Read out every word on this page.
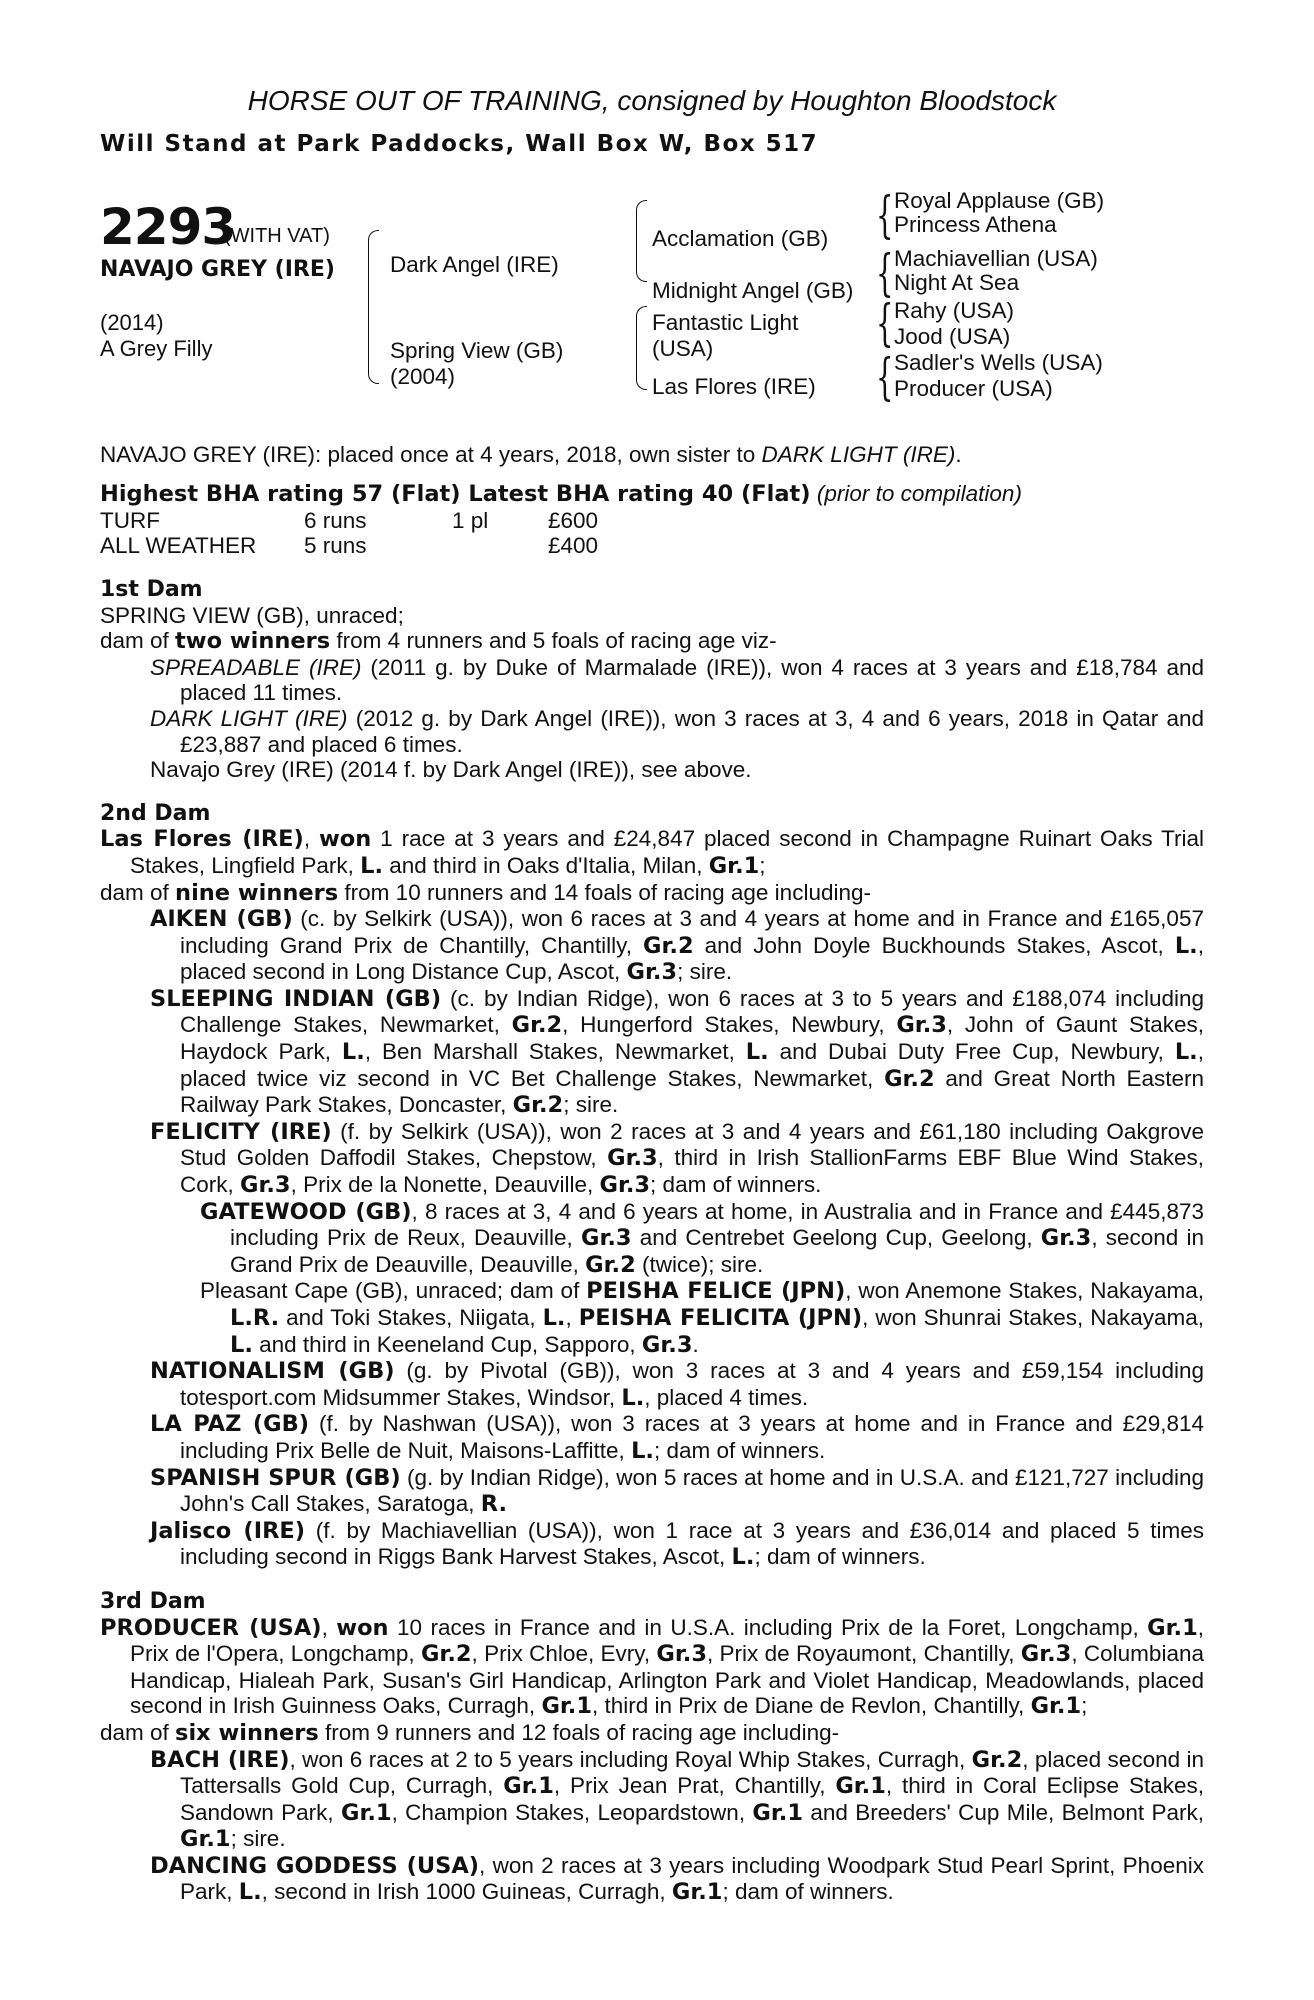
HORSE OUT OF TRAINING, consigned by Houghton Bloodstock

Will Stand at Park Paddocks, Wall Box W, Box 517

2293
(WITH VAT)
NAVAJO GREY (IRE)
(2014)
A Grey Filly
Dark Angel (IRE)
Spring View (GB)
(2004)
Acclamation (GB)
Midnight Angel (GB)
Fantastic Light
(USA)
Las Flores (IRE)
{ Royal Applause (GB)
Princess Athena
{ Machiavellian (USA)
Night At Sea
{ Rahy (USA)
Jood (USA)
{ Sadler's Wells (USA)
Producer (USA)

NAVAJO GREY (IRE): placed once at 4 years, 2018, own sister to DARK LIGHT (IRE).

Highest BHA rating 57 (Flat) Latest BHA rating 40 (Flat) (prior to compilation)

TURF	6 runs	1 pl	£600
ALL WEATHER 5 runs	£400

1st Dam

SPRING VIEW (GB), unraced;

dam of two winners from 4 runners and 5 foals of racing age viz-

SPREADABLE (IRE) (2011 g. by Duke of Marmalade (IRE)), won 4 races at 3 years and £18,784 and placed 11 times.

DARK LIGHT (IRE) (2012 g. by Dark Angel (IRE)), won 3 races at 3, 4 and 6 years, 2018 in Qatar and £23,887 and placed 6 times.

Navajo Grey (IRE) (2014 f. by Dark Angel (IRE)), see above.

2nd Dam

Las Flores (IRE), won 1 race at 3 years and £24,847 placed second in Champagne Ruinart Oaks Trial Stakes, Lingfield Park, L. and third in Oaks d'Italia, Milan, Gr.1;

dam of nine winners from 10 runners and 14 foals of racing age including-

AIKEN (GB) (c. by Selkirk (USA)), won 6 races at 3 and 4 years at home and in France and £165,057 including Grand Prix de Chantilly, Chantilly, Gr.2 and John Doyle Buckhounds Stakes, Ascot, L., placed second in Long Distance Cup, Ascot, Gr.3; sire.

SLEEPING INDIAN (GB) (c. by Indian Ridge), won 6 races at 3 to 5 years and £188,074 including Challenge Stakes, Newmarket, Gr.2, Hungerford Stakes, Newbury, Gr.3, John of Gaunt Stakes, Haydock Park, L., Ben Marshall Stakes, Newmarket, L. and Dubai Duty Free Cup, Newbury, L., placed twice viz second in VC Bet Challenge Stakes, Newmarket, Gr.2 and Great North Eastern Railway Park Stakes, Doncaster, Gr.2; sire.

FELICITY (IRE) (f. by Selkirk (USA)), won 2 races at 3 and 4 years and £61,180 including Oakgrove Stud Golden Daffodil Stakes, Chepstow, Gr.3, third in Irish StallionFarms EBF Blue Wind Stakes, Cork, Gr.3, Prix de la Nonette, Deauville, Gr.3; dam of winners.

GATEWOOD (GB), 8 races at 3, 4 and 6 years at home, in Australia and in France and £445,873 including Prix de Reux, Deauville, Gr.3 and Centrebet Geelong Cup, Geelong, Gr.3, second in Grand Prix de Deauville, Deauville, Gr.2 (twice); sire.

Pleasant Cape (GB), unraced; dam of PEISHA FELICE (JPN), won Anemone Stakes, Nakayama, L.R. and Toki Stakes, Niigata, L., PEISHA FELICITA (JPN), won Shunrai Stakes, Nakayama, L. and third in Keeneland Cup, Sapporo, Gr.3.

NATIONALISM (GB) (g. by Pivotal (GB)), won 3 races at 3 and 4 years and £59,154 including totesport.com Midsummer Stakes, Windsor, L., placed 4 times.

LA PAZ (GB) (f. by Nashwan (USA)), won 3 races at 3 years at home and in France and £29,814 including Prix Belle de Nuit, Maisons-Laffitte, L.; dam of winners.

SPANISH SPUR (GB) (g. by Indian Ridge), won 5 races at home and in U.S.A. and £121,727 including John's Call Stakes, Saratoga, R.

Jalisco (IRE) (f. by Machiavellian (USA)), won 1 race at 3 years and £36,014 and placed 5 times including second in Riggs Bank Harvest Stakes, Ascot, L.; dam of winners.

3rd Dam

PRODUCER (USA), won 10 races in France and in U.S.A. including Prix de la Foret, Longchamp, Gr.1, Prix de l'Opera, Longchamp, Gr.2, Prix Chloe, Evry, Gr.3, Prix de Royaumont, Chantilly, Gr.3, Columbiana Handicap, Hialeah Park, Susan's Girl Handicap, Arlington Park and Violet Handicap, Meadowlands, placed second in Irish Guinness Oaks, Curragh, Gr.1, third in Prix de Diane de Revlon, Chantilly, Gr.1;

dam of six winners from 9 runners and 12 foals of racing age including-

BACH (IRE), won 6 races at 2 to 5 years including Royal Whip Stakes, Curragh, Gr.2, placed second in Tattersalls Gold Cup, Curragh, Gr.1, Prix Jean Prat, Chantilly, Gr.1, third in Coral Eclipse Stakes, Sandown Park, Gr.1, Champion Stakes, Leopardstown, Gr.1 and Breeders' Cup Mile, Belmont Park, Gr.1; sire.

DANCING GODDESS (USA), won 2 races at 3 years including Woodpark Stud Pearl Sprint, Phoenix Park, L., second in Irish 1000 Guineas, Curragh, Gr.1; dam of winners.
